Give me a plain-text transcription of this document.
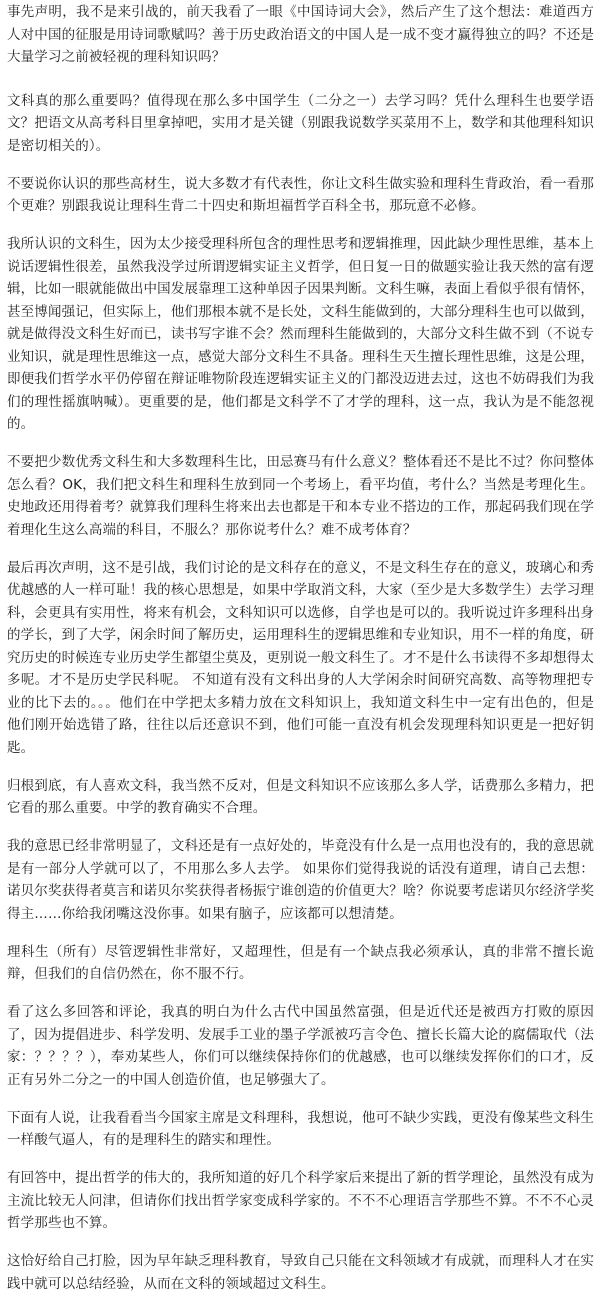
事先声明，我不是来引战的，前天我看了一眼《中国诗词大会》，然后产生了这个想法：难道西方人对中国的征服是用诗词歌赋吗？善于历史政治语文的中国人是一成不变才赢得独立的吗？不还是大量学习之前被轻视的理科知识吗？

文科真的那么重要吗？值得现在那么多中国学生（二分之一）去学习吗？凭什么理科生也要学语文？把语文从高考科目里拿掉吧，实用才是关键（别跟我说数学买菜用不上，数学和其他理科知识是密切相关的）。

不要说你认识的那些高材生，说大多数才有代表性，你让文科生做实验和理科生背政治，看一看那个更难？别跟我说让理科生背二十四史和斯坦福哲学百科全书，那玩意不必修。

我所认识的文科生，因为太少接受理科所包含的理性思考和逻辑推理，因此缺少理性思维，基本上说话逻辑性很差，虽然我没学过所谓逻辑实证主义哲学，但日复一日的做题实验让我天然的富有逻辑，比如一眼就能做出中国发展靠理工这种单因子因果判断。文科生嘛，表面上看似乎很有情怀，甚至博闻强记，但实际上，他们那根本就不是长处，文科生能做到的，大部分理科生也可以做到，就是做得没文科生好而已，读书写字谁不会？然而理科生能做到的，大部分文科生做不到（不说专业知识，就是理性思维这一点，感觉大部分文科生不具备。理科生天生擅长理性思维，这是公理，即便我们哲学水平仍停留在辩证唯物阶段连逻辑实证主义的门都没迈进去过，这也不妨碍我们为我们的理性摇旗呐喊）。更重要的是，他们都是文科学不了才学的理科，这一点，我认为是不能忽视的。

不要把少数优秀文科生和大多数理科生比，田忌赛马有什么意义？整体看还不是比不过？你问整体怎么看？OK，我们把文科生和理科生放到同一个考场上，看平均值，考什么？当然是考理化生。史地政还用得着考？就算我们理科生将来出去也都是干和本专业不搭边的工作，那起码我们现在学着理化生这么高端的科目，不服么？那你说考什么？难不成考体育？

最后再次声明，这不是引战，我们讨论的是文科存在的意义，不是文科生存在的意义，玻璃心和秀优越感的人一样可耻！我的核心思想是，如果中学取消文科，大家（至少是大多数学生）去学习理科，会更具有实用性，将来有机会，文科知识可以选修，自学也是可以的。我听说过许多理科出身的学长，到了大学，闲余时间了解历史，运用理科生的逻辑思维和专业知识，用不一样的角度，研究历史的时候连专业历史学生都望尘莫及，更别说一般文科生了。才不是什么书读得不多却想得太多呢。才不是历史学民科呢。 不知道有没有文科出身的人大学闲余时间研究高数、高等物理把专业的比下去的。。。他们在中学把太多精力放在文科知识上，我知道文科生中一定有出色的，但是他们刚开始选错了路，往往以后还意识不到，他们可能一直没有机会发现理科知识更是一把好钥匙。

归根到底，有人喜欢文科，我当然不反对，但是文科知识不应该那么多人学，话费那么多精力，把它看的那么重要。中学的教育确实不合理。

我的意思已经非常明显了，文科还是有一点好处的，毕竟没有什么是一点用也没有的，我的意思就是有一部分人学就可以了，不用那么多人去学。 如果你们觉得我说的话没有道理，请自己去想：诺贝尔奖获得者莫言和诺贝尔奖获得者杨振宁谁创造的价值更大？啥？你说要考虑诺贝尔经济学奖得主……你给我闭嘴这没你事。如果有脑子，应该都可以想清楚。

理科生（所有）尽管逻辑性非常好，又超理性，但是有一个缺点我必须承认，真的非常不擅长诡辩，但我们的自信仍然在，你不服不行。

看了这么多回答和评论，我真的明白为什么古代中国虽然富强，但是近代还是被西方打败的原因了，因为提倡进步、科学发明、发展手工业的墨子学派被巧言令色、擅长长篇大论的腐儒取代（法家：？？？？），奉劝某些人，你们可以继续保持你们的优越感，也可以继续发挥你们的口才，反正有另外二分之一的中国人创造价值，也足够强大了。

下面有人说，让我看看当今国家主席是文科理科，我想说，他可不缺少实践，更没有像某些文科生一样酸气逼人，有的是理科生的踏实和理性。

有回答中，提出哲学的伟大的，我所知道的好几个科学家后来提出了新的哲学理论，虽然没有成为主流比较无人问津，但请你们找出哲学家变成科学家的。不不不心理语言学那些不算。不不不心灵哲学那些也不算。

这恰好给自己打脸，因为早年缺乏理科教育，导致自己只能在文科领域才有成就，而理科人才在实践中就可以总结经验，从而在文科的领域超过文科生。
